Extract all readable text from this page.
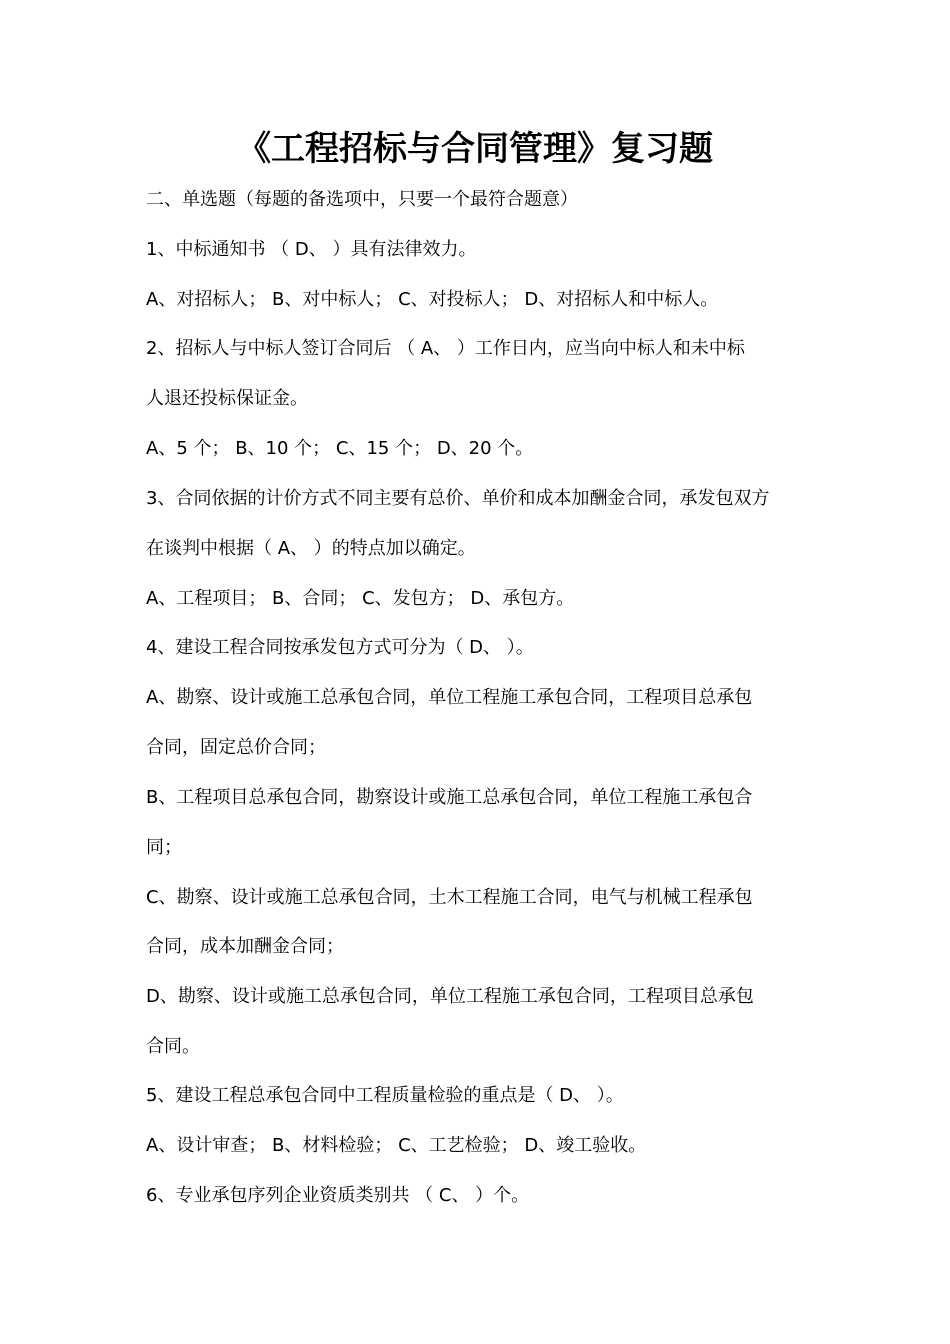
《工程招标与合同管理》复习题
二、单选题（每题的备选项中，只要一个最符合题意）
1、中标通知书 （ D、 ）具有法律效力。
A、对招标人； B、对中标人； C、对投标人； D、对招标人和中标人。
2、招标人与中标人签订合同后 （ A、 ）工作日内，应当向中标人和未中标
人退还投标保证金。
A、5 个； B、10 个； C、15 个； D、20 个。
3、合同依据的计价方式不同主要有总价、单价和成本加酬金合同，承发包双方
在谈判中根据（ A、 ）的特点加以确定。
A、工程项目； B、合同； C、发包方； D、承包方。
4、建设工程合同按承发包方式可分为（ D、 ）。
A、勘察、设计或施工总承包合同，单位工程施工承包合同，工程项目总承包
合同，固定总价合同；
B、工程项目总承包合同，勘察设计或施工总承包合同，单位工程施工承包合
同；
C、勘察、设计或施工总承包合同，土木工程施工合同，电气与机械工程承包
合同，成本加酬金合同；
D、勘察、设计或施工总承包合同，单位工程施工承包合同，工程项目总承包
合同。
5、建设工程总承包合同中工程质量检验的重点是（ D、 ）。
A、设计审查； B、材料检验； C、工艺检验； D、竣工验收。
6、专业承包序列企业资质类别共 （ C、 ）个。
